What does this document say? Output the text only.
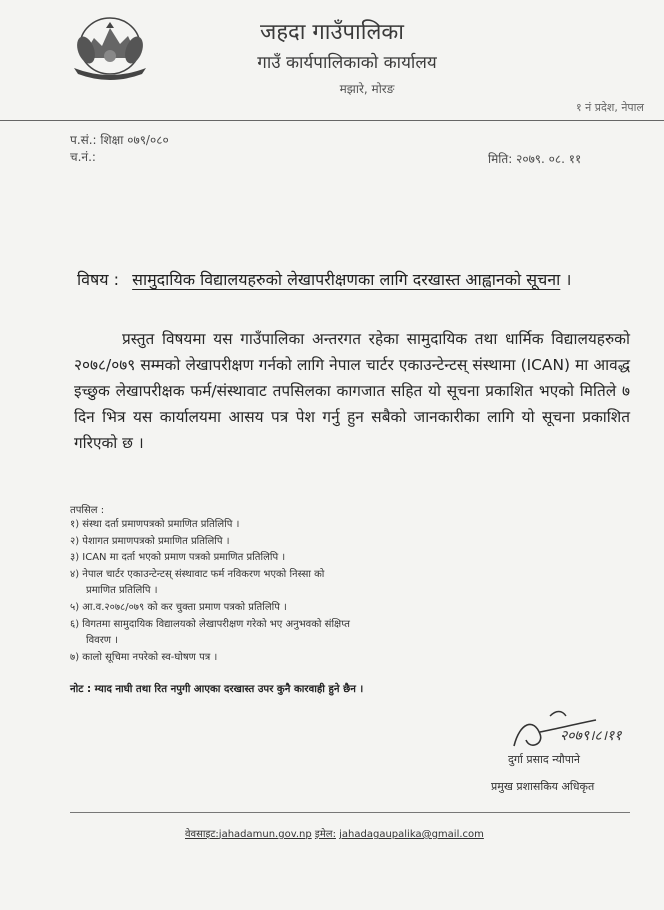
जहदा गाउँपालिका
गाउँ कार्यपालिकाको कार्यालय
मझारे, मोरङ
१ नं प्रदेश, नेपाल
प.सं.: शिक्षा ०७९/०८०
च.नं.:	मिति: २०७९. ०८. ११
विषय : सामुदायिक विद्यालयहरुको लेखापरीक्षणका लागि दरखास्त आह्वानको सूचना ।
प्रस्तुत विषयमा यस गाउँपालिका अन्तरगत रहेका सामुदायिक तथा धार्मिक विद्यालयहरुको २०७८/०७९ सम्मको लेखापरीक्षण गर्नको लागि नेपाल चार्टर एकाउन्टेन्टस् संस्थामा (ICAN) मा आवद्ध इच्छुक लेखापरीक्षक फर्म/संस्थावाट तपसिलका कागजात सहित यो सूचना प्रकाशित भएको मितिले ७ दिन भित्र यस कार्यालयमा आसय पत्र पेश गर्नु हुन सबैको जानकारीका लागि यो सूचना प्रकाशित गरिएको छ ।
तपसिल :
१) संस्था दर्ता प्रमाणपत्रको प्रमाणित प्रतिलिपि ।
२) पेशागत प्रमाणपत्रको प्रमाणित प्रतिलिपि ।
३) ICAN मा दर्ता भएको प्रमाण पत्रको प्रमाणित प्रतिलिपि ।
४) नेपाल चार्टर एकाउन्टेन्टस् संस्थावाट फर्म नविकरण भएको निस्सा को
प्रमाणित प्रतिलिपि ।
५) आ.व.२०७८/०७९ को कर चुक्ता प्रमाण पत्रको प्रतिलिपि ।
६) विगतमा सामुदायिक विद्यालयको लेखापरीक्षण गरेको भए अनुभवको संक्षिप्त
विवरण ।
७) कालो सूचिमा नपरेको स्व-घोषण पत्र ।
नोट : म्याद नाघी तथा रित नपुगी आएका दरखास्त उपर कुनै कारवाही हुने छैन ।
२०७९।८।११
दुर्गा प्रसाद न्यौपाने
प्रमुख प्रशासकिय अधिकृत
वेवसाइट:jahadamun.gov.np इमेल: jahadagaupalika@gmail.com
